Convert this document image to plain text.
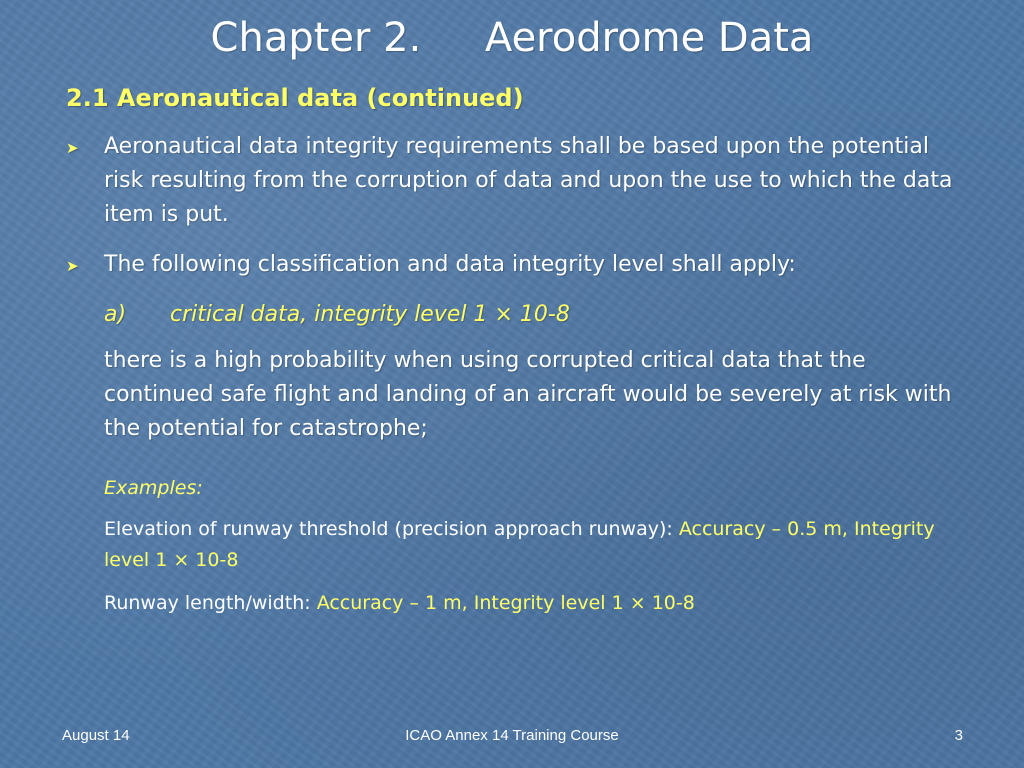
Chapter 2.     Aerodrome Data
2.1 Aeronautical data (continued)
➤ Aeronautical data integrity requirements shall be based upon the potential risk resulting from the corruption of data and upon the use to which the data item is put.
➤ The following classification and data integrity level shall apply:
a) critical data, integrity level 1 × 10-8
there is a high probability when using corrupted critical data that the continued safe flight and landing of an aircraft would be severely at risk with the potential for catastrophe;
Examples:
Elevation of runway threshold (precision approach runway): Accuracy – 0.5 m, Integrity level 1 × 10-8
Runway length/width: Accuracy – 1 m, Integrity level 1 × 10-8
August 14	ICAO Annex 14 Training Course	3
